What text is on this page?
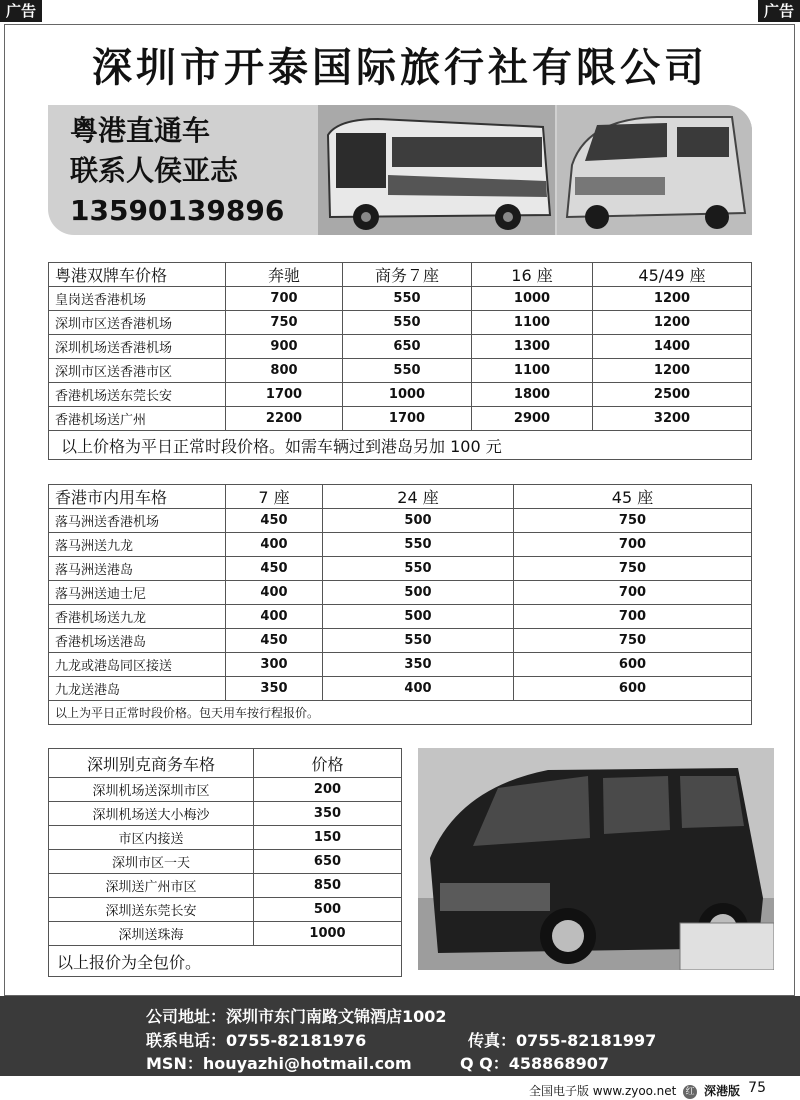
广告	广告
深圳市开泰国际旅行社有限公司
粤港直通车
联系人侯亚志
13590139896
粤港双牌车价格	奔驰	商务７座	16 座	45/49 座
皇岗送香港机场	700	550	1000	1200
深圳市区送香港机场	750	550	1100	1200
深圳机场送香港机场	900	650	1300	1400
深圳市区送香港市区	800	550	1100	1200
香港机场送东莞长安	1700	1000	1800	2500
香港机场送广州	2200	1700	2900	3200
以上价格为平日正常时段价格。如需车辆过到港岛另加 100 元				
香港市内用车格	7 座	24 座	45 座
落马洲送香港机场	450	500	750
落马洲送九龙	400	550	700
落马洲送港岛	450	550	750
落马洲送迪士尼	400	500	700
香港机场送九龙	400	500	700
香港机场送港岛	450	550	750
九龙或港岛同区接送	300	350	600
九龙送港岛	350	400	600
以上为平日正常时段价格。包天用车按行程报价。			
深圳别克商务车格	价格
深圳机场送深圳市区	200
深圳机场送大小梅沙	350
市区内接送	150
深圳市区一天	650
深圳送广州市区	850
深圳送东莞长安	500
深圳送珠海	1000
以上报价为全包价。	
公司地址：深圳市东门南路文锦酒店1002
联系电话：0755-82181976	传真：0755-82181997
MSN：houyazhi@hotmail.com	Q Q：458868907
全国电子版 www.zyoo.net 红 深港版 75
